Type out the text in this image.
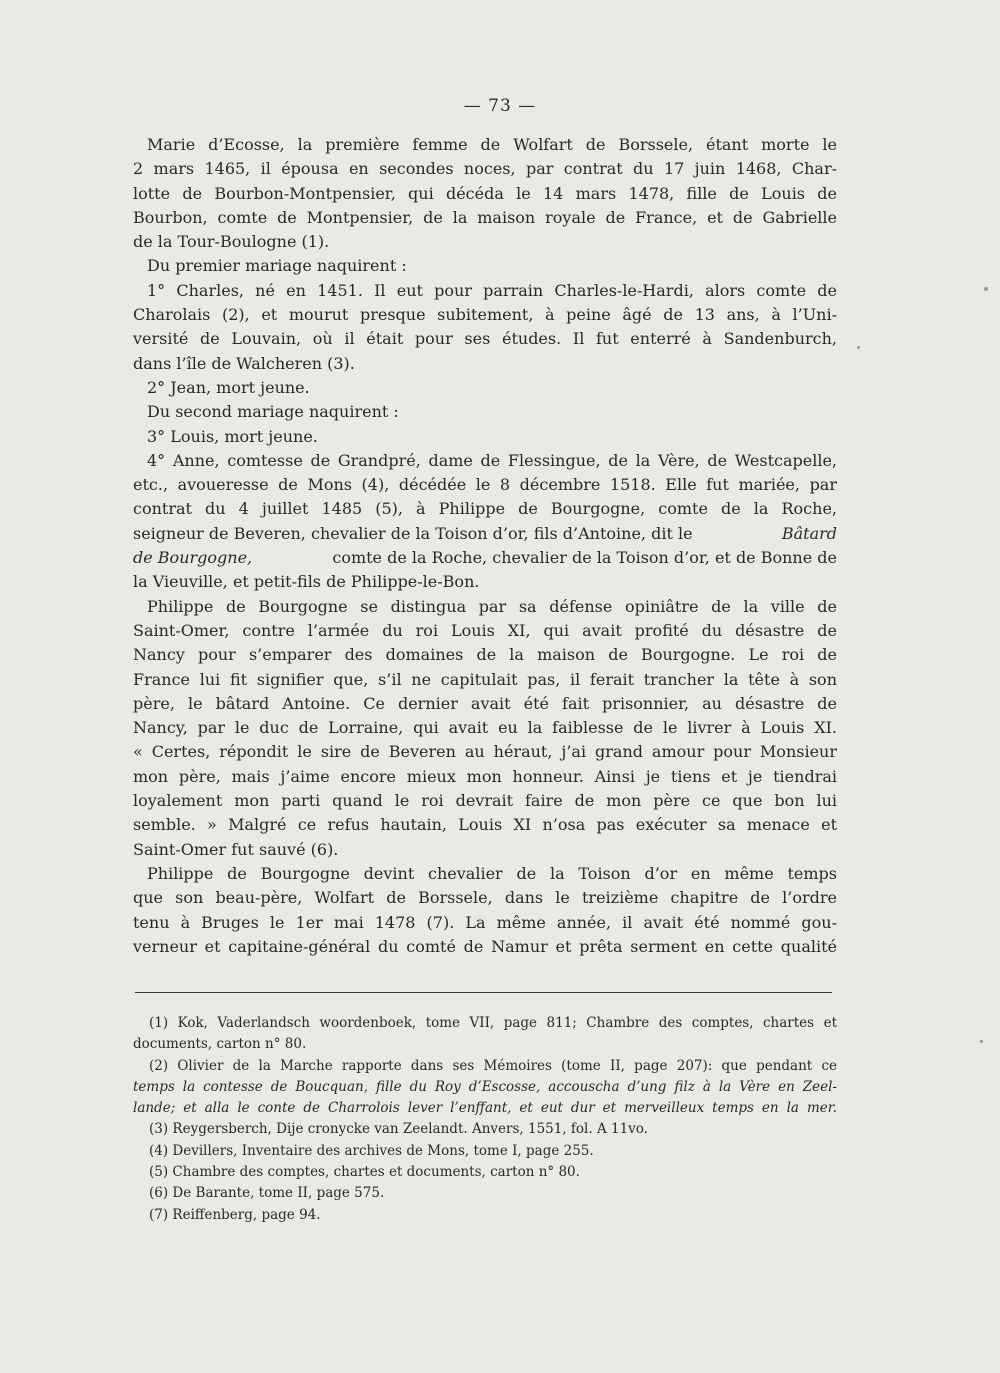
— 73 —
Marie d’Ecosse, la première femme de Wolfart de Borssele, étant morte le
2 mars 1465, il épousa en secondes noces, par contrat du 17 juin 1468, Char-
lotte de Bourbon-Montpensier, qui décéda le 14 mars 1478, fille de Louis de
Bourbon, comte de Montpensier, de la maison royale de France, et de Gabrielle
de la Tour-Boulogne (1).
Du premier mariage naquirent :
1° Charles, né en 1451. Il eut pour parrain Charles-le-Hardi, alors comte de
Charolais (2), et mourut presque subitement, à peine âgé de 13 ans, à l’Uni-
versité de Louvain, où il était pour ses études. Il fut enterré à Sandenburch,
dans l’île de Walcheren (3).
2° Jean, mort jeune.
Du second mariage naquirent :
3° Louis, mort jeune.
4° Anne, comtesse de Grandpré, dame de Flessingue, de la Vère, de Westcapelle,
etc., avoueresse de Mons (4), décédée le 8 décembre 1518. Elle fut mariée, par
contrat du 4 juillet 1485 (5), à Philippe de Bourgogne, comte de la Roche,
seigneur de Beveren, chevalier de la Toison d’or, fils d’Antoine, dit le	Bâtard
de Bourgogne,	comte de la Roche, chevalier de la Toison d’or, et de Bonne de
la Vieuville, et petit-fils de Philippe-le-Bon.
Philippe de Bourgogne se distingua par sa défense opiniâtre de la ville de
Saint-Omer, contre l’armée du roi Louis XI, qui avait profité du désastre de
Nancy pour s’emparer des domaines de la maison de Bourgogne. Le roi de
France lui fit signifier que, s’il ne capitulait pas, il ferait trancher la tête à son
père, le bâtard Antoine. Ce dernier avait été fait prisonnier, au désastre de
Nancy, par le duc de Lorraine, qui avait eu la faiblesse de le livrer à Louis XI.
« Certes, répondit le sire de Beveren au héraut, j’ai grand amour pour Monsieur
mon père, mais j’aime encore mieux mon honneur. Ainsi je tiens et je tiendrai
loyalement mon parti quand le roi devrait faire de mon père ce que bon lui
semble. » Malgré ce refus hautain, Louis XI n’osa pas exécuter sa menace et
Saint-Omer fut sauvé (6).
Philippe de Bourgogne devint chevalier de la Toison d’or en même temps
que son beau-père, Wolfart de Borssele, dans le treizième chapitre de l’ordre
tenu à Bruges le 1er mai 1478 (7). La même année, il avait été nommé gou-
verneur et capitaine-général du comté de Namur et prêta serment en cette qualité
(1) Kok, Vaderlandsch woordenboek, tome VII, page 811; Chambre des comptes, chartes et
documents, carton n° 80.
(2) Olivier de la Marche rapporte dans ses Mémoires (tome II, page 207): que pendant ce
temps la contesse de Boucquan, fille du Roy d’Escosse, accouscha d’ung filz à la Vère en Zeel-
lande; et alla le conte de Charrolois lever l’enffant, et eut dur et merveilleux temps en la mer.
(3) Reygersberch, Dije cronycke van Zeelandt. Anvers, 1551, fol. A 11vo.
(4) Devillers, Inventaire des archives de Mons, tome I, page 255.
(5) Chambre des comptes, chartes et documents, carton n° 80.
(6) De Barante, tome II, page 575.
(7) Reiffenberg, page 94.
